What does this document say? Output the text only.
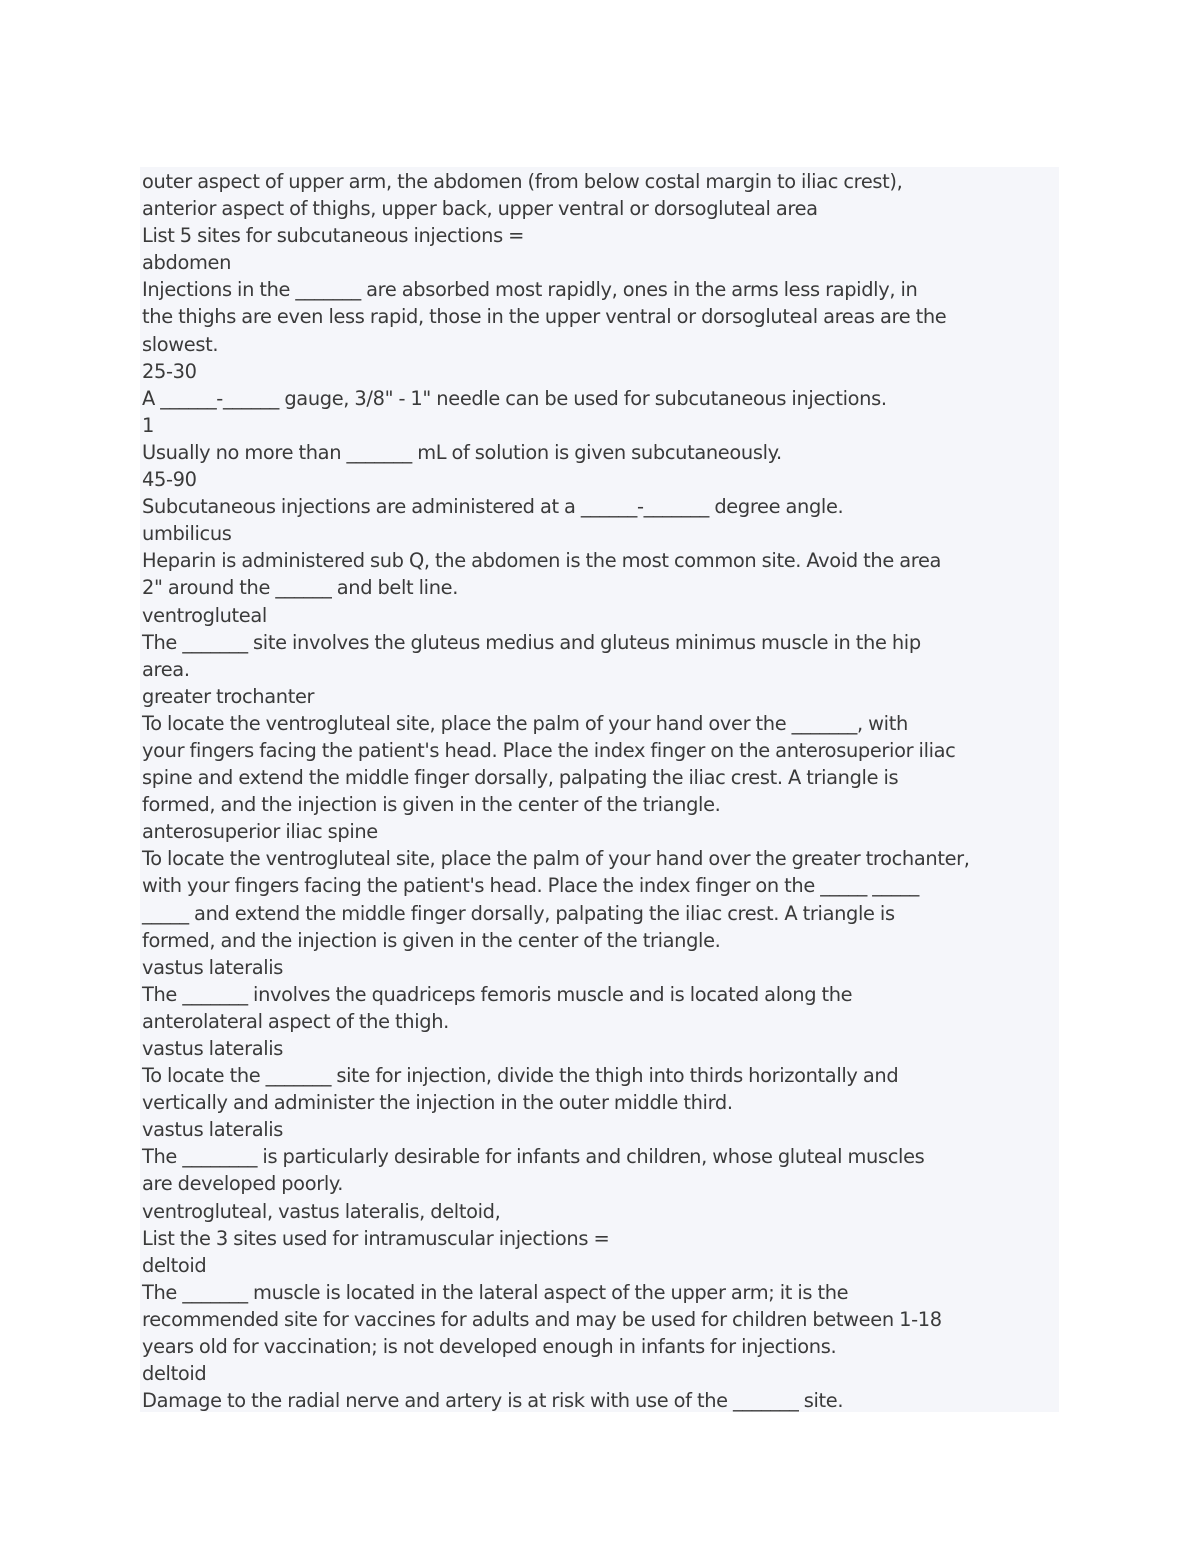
outer aspect of upper arm, the abdomen (from below costal margin to iliac crest),
anterior aspect of thighs, upper back, upper ventral or dorsogluteal area
List 5 sites for subcutaneous injections =
abdomen
Injections in the _______ are absorbed most rapidly, ones in the arms less rapidly, in
the thighs are even less rapid, those in the upper ventral or dorsogluteal areas are the
slowest.
25-30
A ______-______ gauge, 3/8" - 1" needle can be used for subcutaneous injections.
1
Usually no more than _______ mL of solution is given subcutaneously.
45-90
Subcutaneous injections are administered at a ______-_______ degree angle.
umbilicus
Heparin is administered sub Q, the abdomen is the most common site. Avoid the area
2" around the ______ and belt line.
ventrogluteal
The _______ site involves the gluteus medius and gluteus minimus muscle in the hip
area.
greater trochanter
To locate the ventrogluteal site, place the palm of your hand over the _______, with
your fingers facing the patient's head. Place the index finger on the anterosuperior iliac
spine and extend the middle finger dorsally, palpating the iliac crest. A triangle is
formed, and the injection is given in the center of the triangle.
anterosuperior iliac spine
To locate the ventrogluteal site, place the palm of your hand over the greater trochanter,
with your fingers facing the patient's head. Place the index finger on the _____ _____
_____ and extend the middle finger dorsally, palpating the iliac crest. A triangle is
formed, and the injection is given in the center of the triangle.
vastus lateralis
The _______ involves the quadriceps femoris muscle and is located along the
anterolateral aspect of the thigh.
vastus lateralis
To locate the _______ site for injection, divide the thigh into thirds horizontally and
vertically and administer the injection in the outer middle third.
vastus lateralis
The ________ is particularly desirable for infants and children, whose gluteal muscles
are developed poorly.
ventrogluteal, vastus lateralis, deltoid,
List the 3 sites used for intramuscular injections =
deltoid
The _______ muscle is located in the lateral aspect of the upper arm; it is the
recommended site for vaccines for adults and may be used for children between 1-18
years old for vaccination; is not developed enough in infants for injections.
deltoid
Damage to the radial nerve and artery is at risk with use of the _______ site.
